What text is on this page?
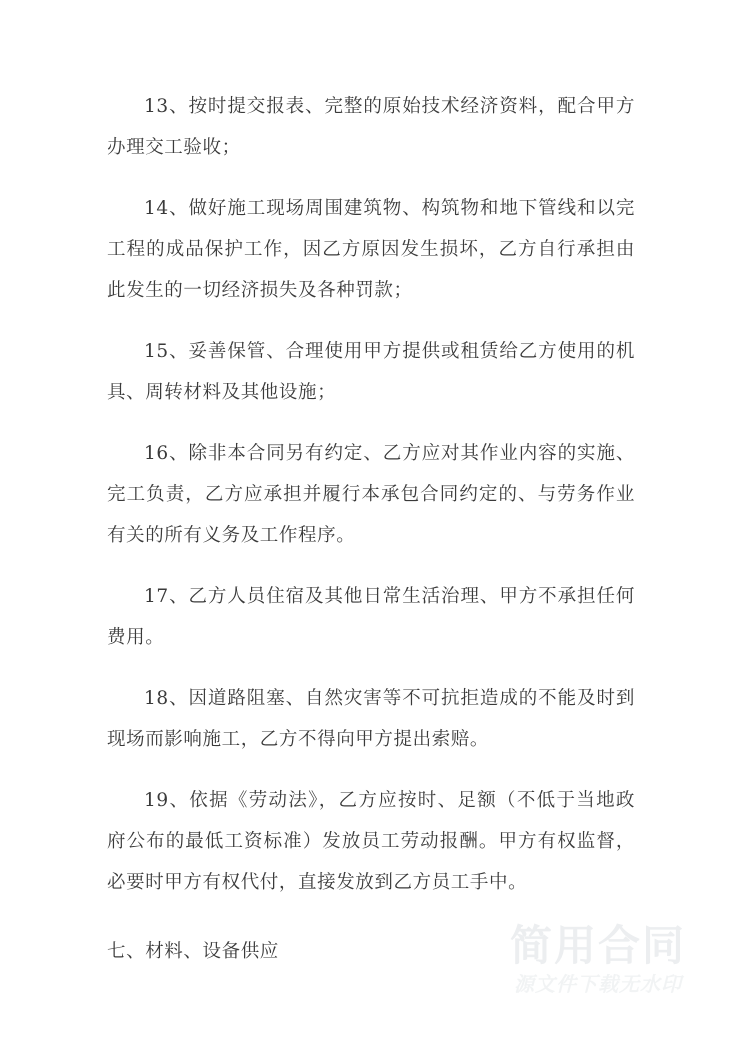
13、按时提交报表、完整的原始技术经济资料，配合甲方办理交工验收；

14、做好施工现场周围建筑物、构筑物和地下管线和以完工程的成品保护工作，因乙方原因发生损坏，乙方自行承担由此发生的一切经济损失及各种罚款；

15、妥善保管、合理使用甲方提供或租赁给乙方使用的机具、周转材料及其他设施；

16、除非本合同另有约定、乙方应对其作业内容的实施、完工负责，乙方应承担并履行本承包合同约定的、与劳务作业有关的所有义务及工作程序。

17、乙方人员住宿及其他日常生活治理、甲方不承担任何费用。

18、因道路阻塞、自然灾害等不可抗拒造成的不能及时到现场而影响施工，乙方不得向甲方提出索赔。

19、依据《劳动法》，乙方应按时、足额（不低于当地政府公布的最低工资标准）发放员工劳动报酬。甲方有权监督，必要时甲方有权代付，直接发放到乙方员工手中。

七、材料、设备供应	简用合同
源文件下载无水印
